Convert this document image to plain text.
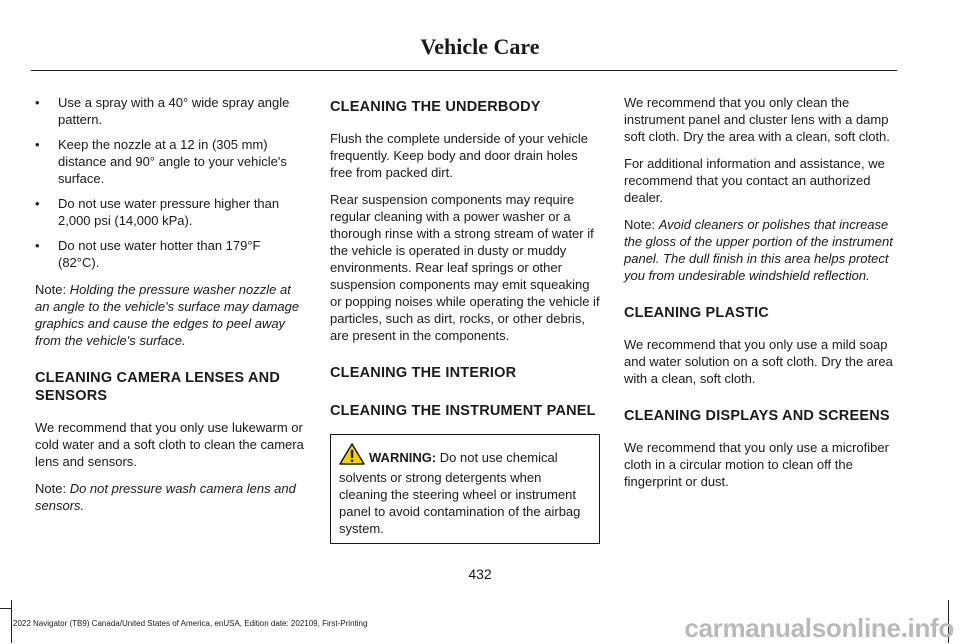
Vehicle Care
• Use a spray with a 40° wide spray angle pattern.
• Keep the nozzle at a 12 in (305 mm) distance and 90° angle to your vehicle's surface.
• Do not use water pressure higher than 2,000 psi (14,000 kPa).
• Do not use water hotter than 179°F (82°C).

Note: Holding the pressure washer nozzle at an angle to the vehicle's surface may damage graphics and cause the edges to peel away from the vehicle's surface.

CLEANING CAMERA LENSES AND SENSORS

We recommend that you only use lukewarm or cold water and a soft cloth to clean the camera lens and sensors.

Note: Do not pressure wash camera lens and sensors.

CLEANING THE UNDERBODY

Flush the complete underside of your vehicle frequently. Keep body and door drain holes free from packed dirt.

Rear suspension components may require regular cleaning with a power washer or a thorough rinse with a strong stream of water if the vehicle is operated in dusty or muddy environments. Rear leaf springs or other suspension components may emit squeaking or popping noises while operating the vehicle if particles, such as dirt, rocks, or other debris, are present in the components.

CLEANING THE INTERIOR
CLEANING THE INSTRUMENT PANEL
WARNING: Do not use chemical solvents or strong detergents when cleaning the steering wheel or instrument panel to avoid contamination of the airbag system.

We recommend that you only clean the instrument panel and cluster lens with a damp soft cloth. Dry the area with a clean, soft cloth.

For additional information and assistance, we recommend that you contact an authorized dealer.

Note: Avoid cleaners or polishes that increase the gloss of the upper portion of the instrument panel. The dull finish in this area helps protect you from undesirable windshield reflection.

CLEANING PLASTIC

We recommend that you only use a mild soap and water solution on a soft cloth. Dry the area with a clean, soft cloth.

CLEANING DISPLAYS AND SCREENS

We recommend that you only use a microfiber cloth in a circular motion to clean off the fingerprint or dust.

432
2022 Navigator (TB9) Canada/United States of America, enUSA, Edition date: 202109, First-Printing	carmanualsonline.info
